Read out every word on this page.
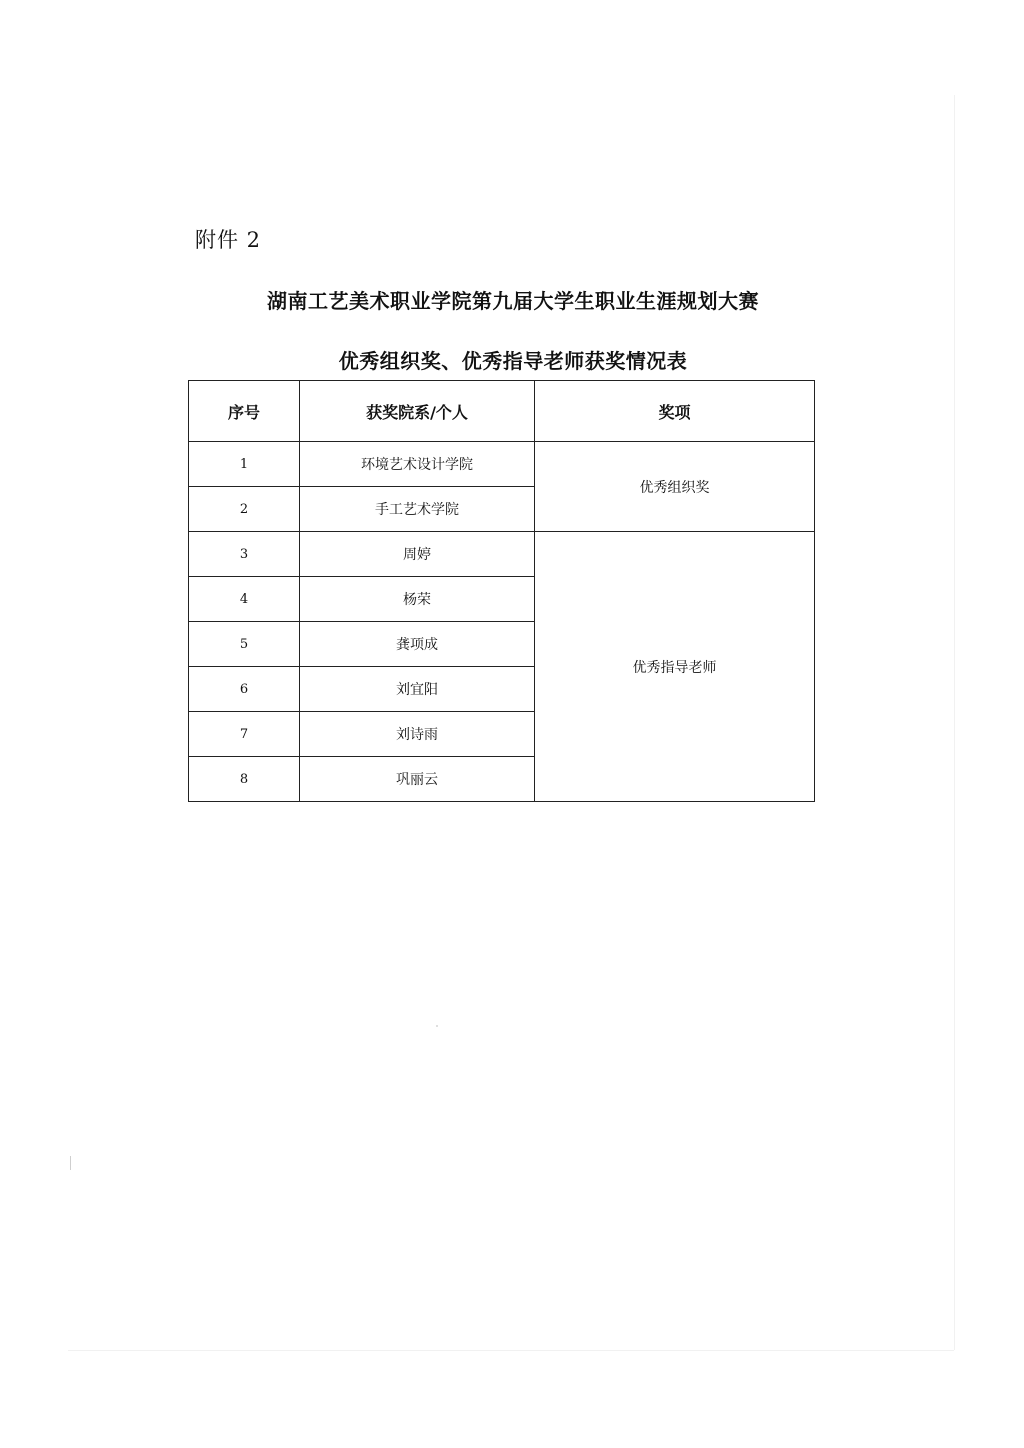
附件 2
湖南工艺美术职业学院第九届大学生职业生涯规划大赛
优秀组织奖、优秀指导老师获奖情况表
序号	获奖院系/个人	奖项
1	环境艺术设计学院	优秀组织奖
2	手工艺术学院	
3	周婷	优秀指导老师
4	杨荣	
5	龚项成	
6	刘宜阳	
7	刘诗雨	
8	巩丽云	
